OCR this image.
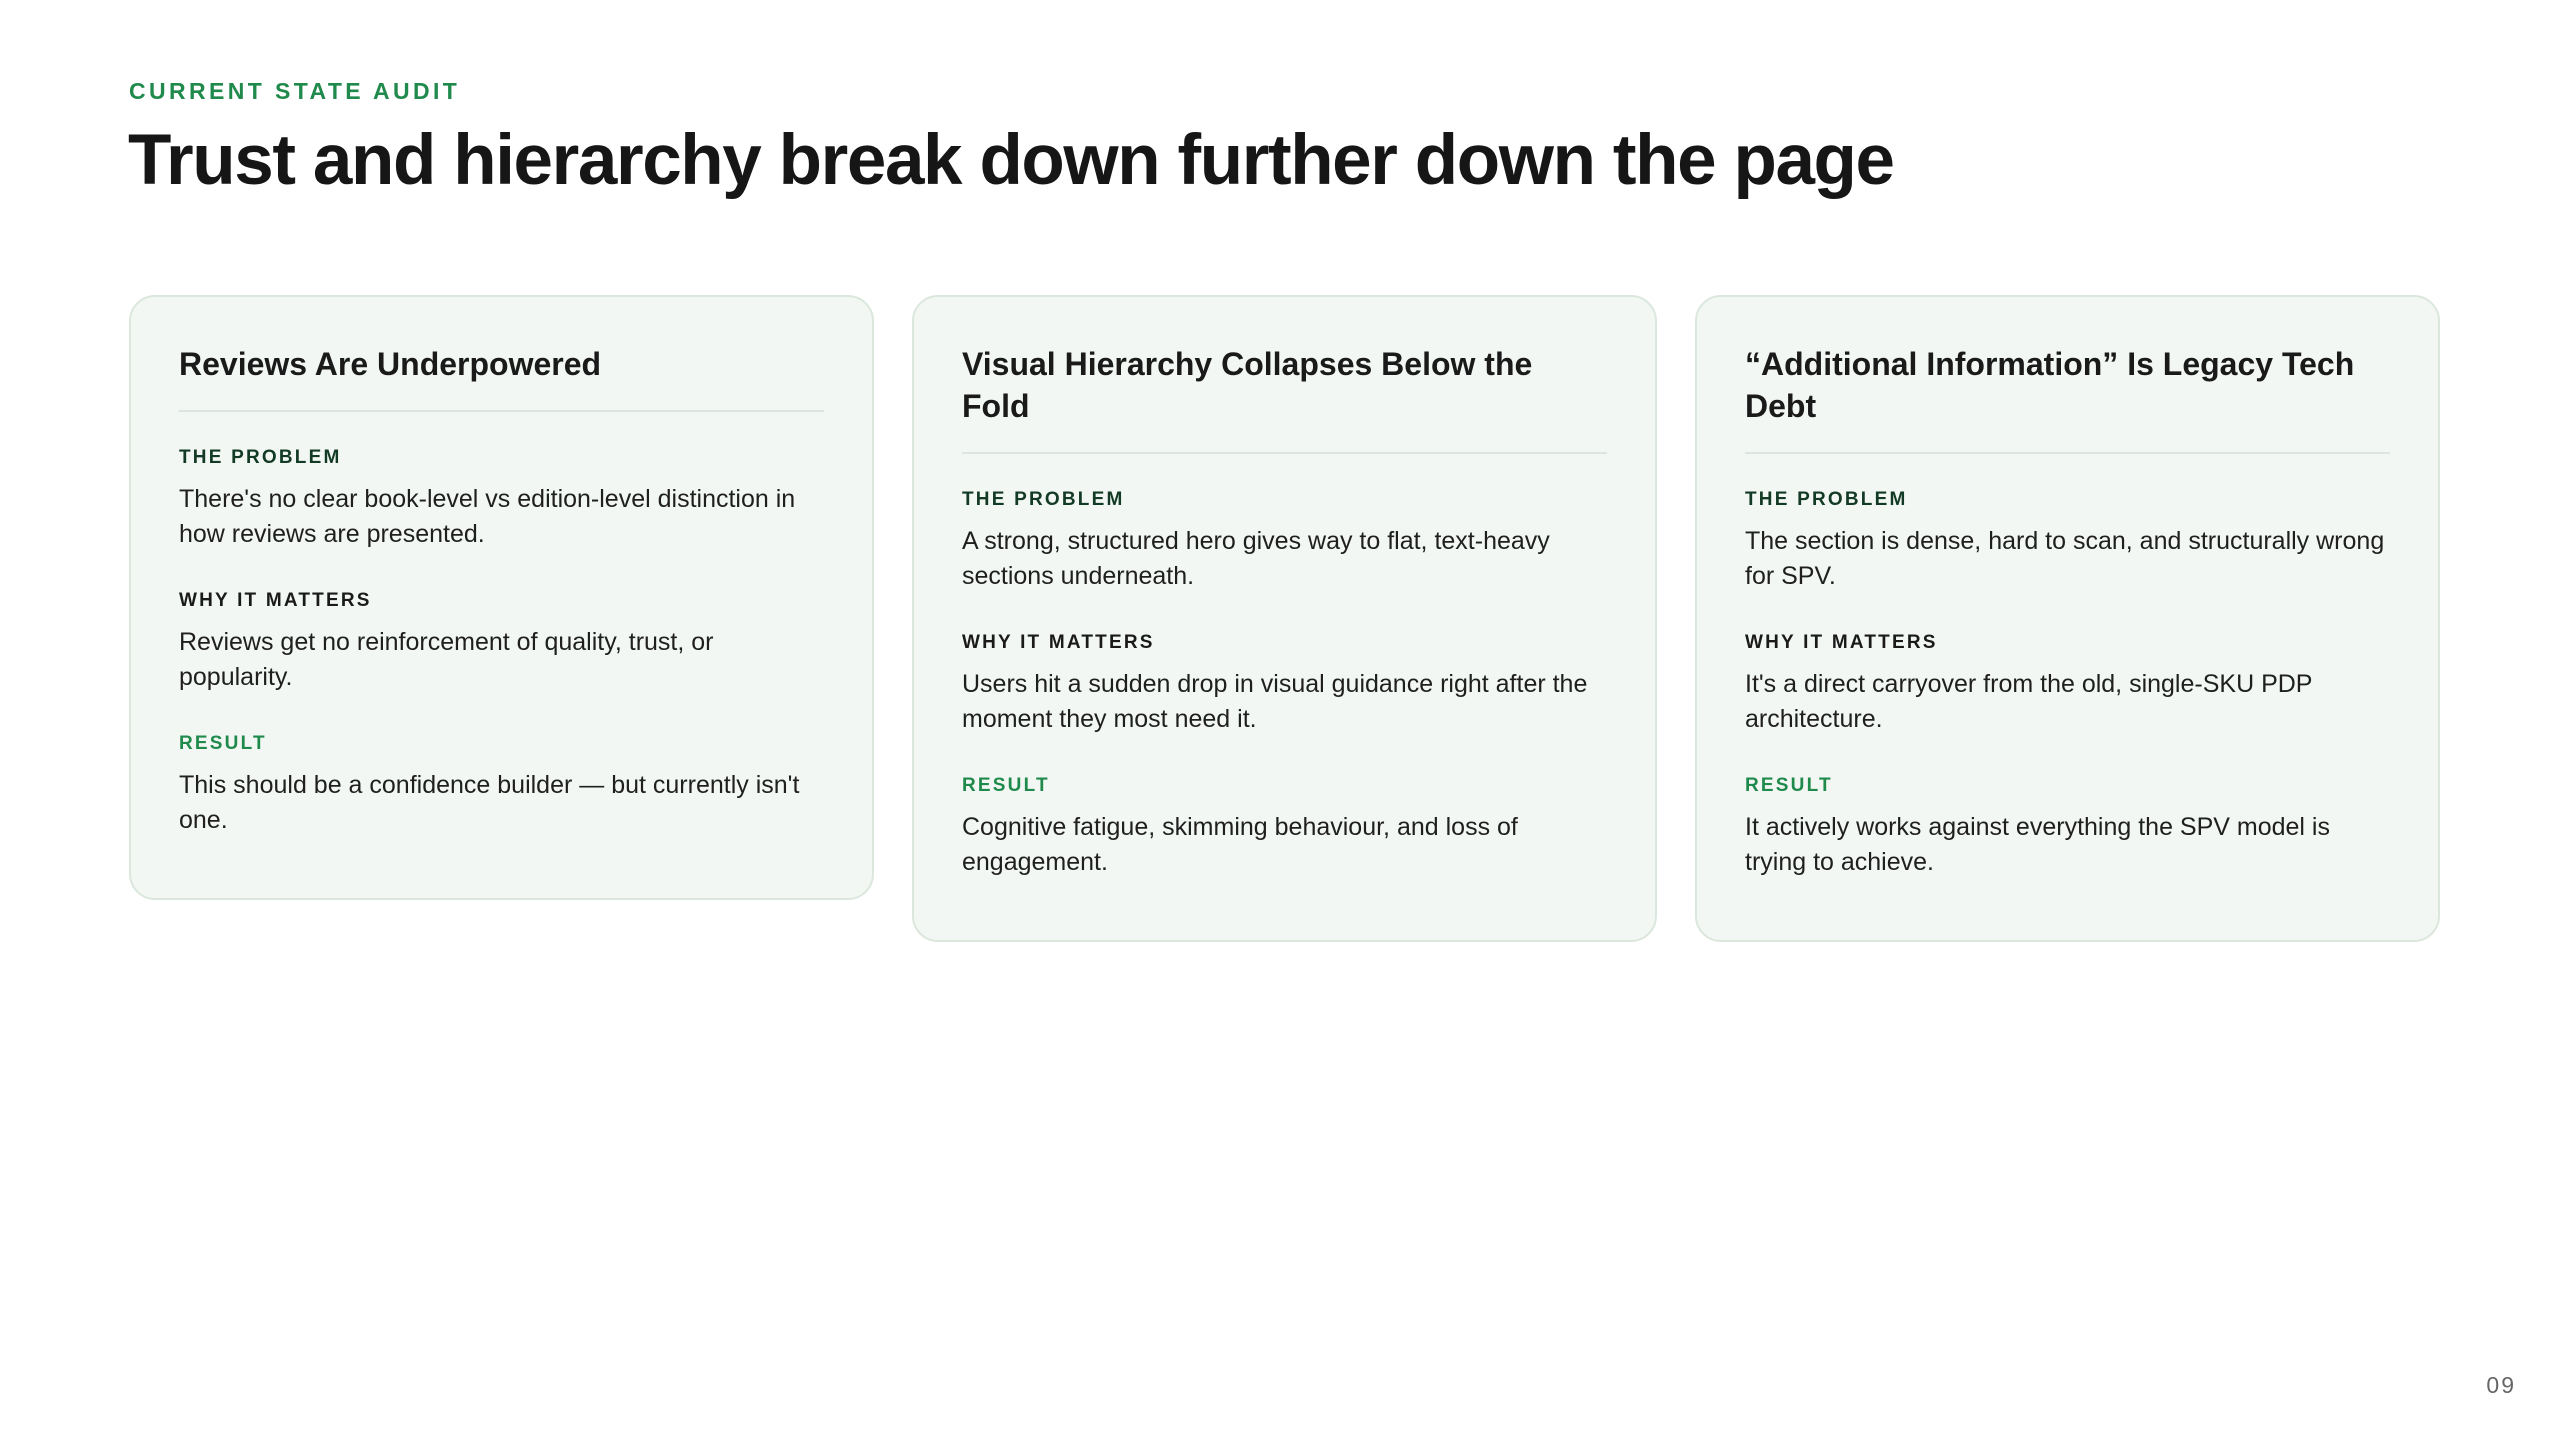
CURRENT STATE AUDIT
Trust and hierarchy break down further down the page
Reviews Are Underpowered
THE PROBLEM

There's no clear book-level vs edition-level distinction in how reviews are presented.

WHY IT MATTERS

Reviews get no reinforcement of quality, trust, or popularity.

RESULT

This should be a confidence builder — but currently isn't one.

Visual Hierarchy Collapses Below the Fold
THE PROBLEM

A strong, structured hero gives way to flat, text-heavy sections underneath.

WHY IT MATTERS

Users hit a sudden drop in visual guidance right after the moment they most need it.

RESULT

Cognitive fatigue, skimming behaviour, and loss of engagement.

“Additional Information” Is Legacy Tech Debt
THE PROBLEM

The section is dense, hard to scan, and structurally wrong for SPV.

WHY IT MATTERS

It's a direct carryover from the old, single-SKU PDP architecture.

RESULT

It actively works against everything the SPV model is trying to achieve.

09
